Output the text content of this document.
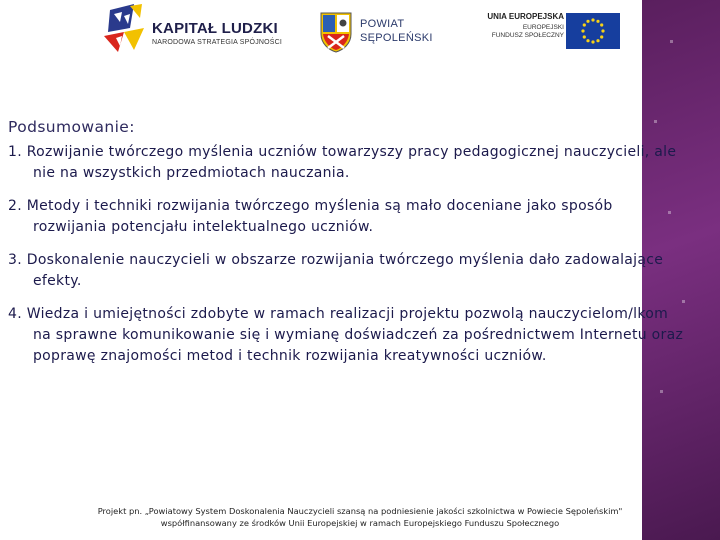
KAPITAŁ LUDZKI
NARODOWA STRATEGIA SPÓJNOŚCI
POWIAT
SĘPOLEŃSKI
UNIA EUROPEJSKA
EUROPEJSKI
FUNDUSZ SPOŁECZNY
Podsumowanie:
1. Rozwijanie twórczego myślenia uczniów towarzyszy pracy pedagogicznej nauczycieli, ale nie na wszystkich przedmiotach nauczania.
2. Metody i techniki rozwijania twórczego myślenia są mało doceniane jako sposób rozwijania potencjału intelektualnego uczniów.
3. Doskonalenie nauczycieli w obszarze rozwijania twórczego myślenia dało zadowalające efekty.
4. Wiedza i umiejętności zdobyte w ramach realizacji projektu pozwolą nauczycielom/lkom na sprawne komunikowanie się i wymianę doświadczeń za pośrednictwem Internetu oraz poprawę znajomości metod i technik rozwijania kreatywności uczniów.
Projekt pn. „Powiatowy System Doskonalenia Nauczycieli szansą na podniesienie jakości szkolnictwa w Powiecie Sępoleńskim"
współfinansowany ze środków Unii Europejskiej w ramach Europejskiego Funduszu Społecznego
